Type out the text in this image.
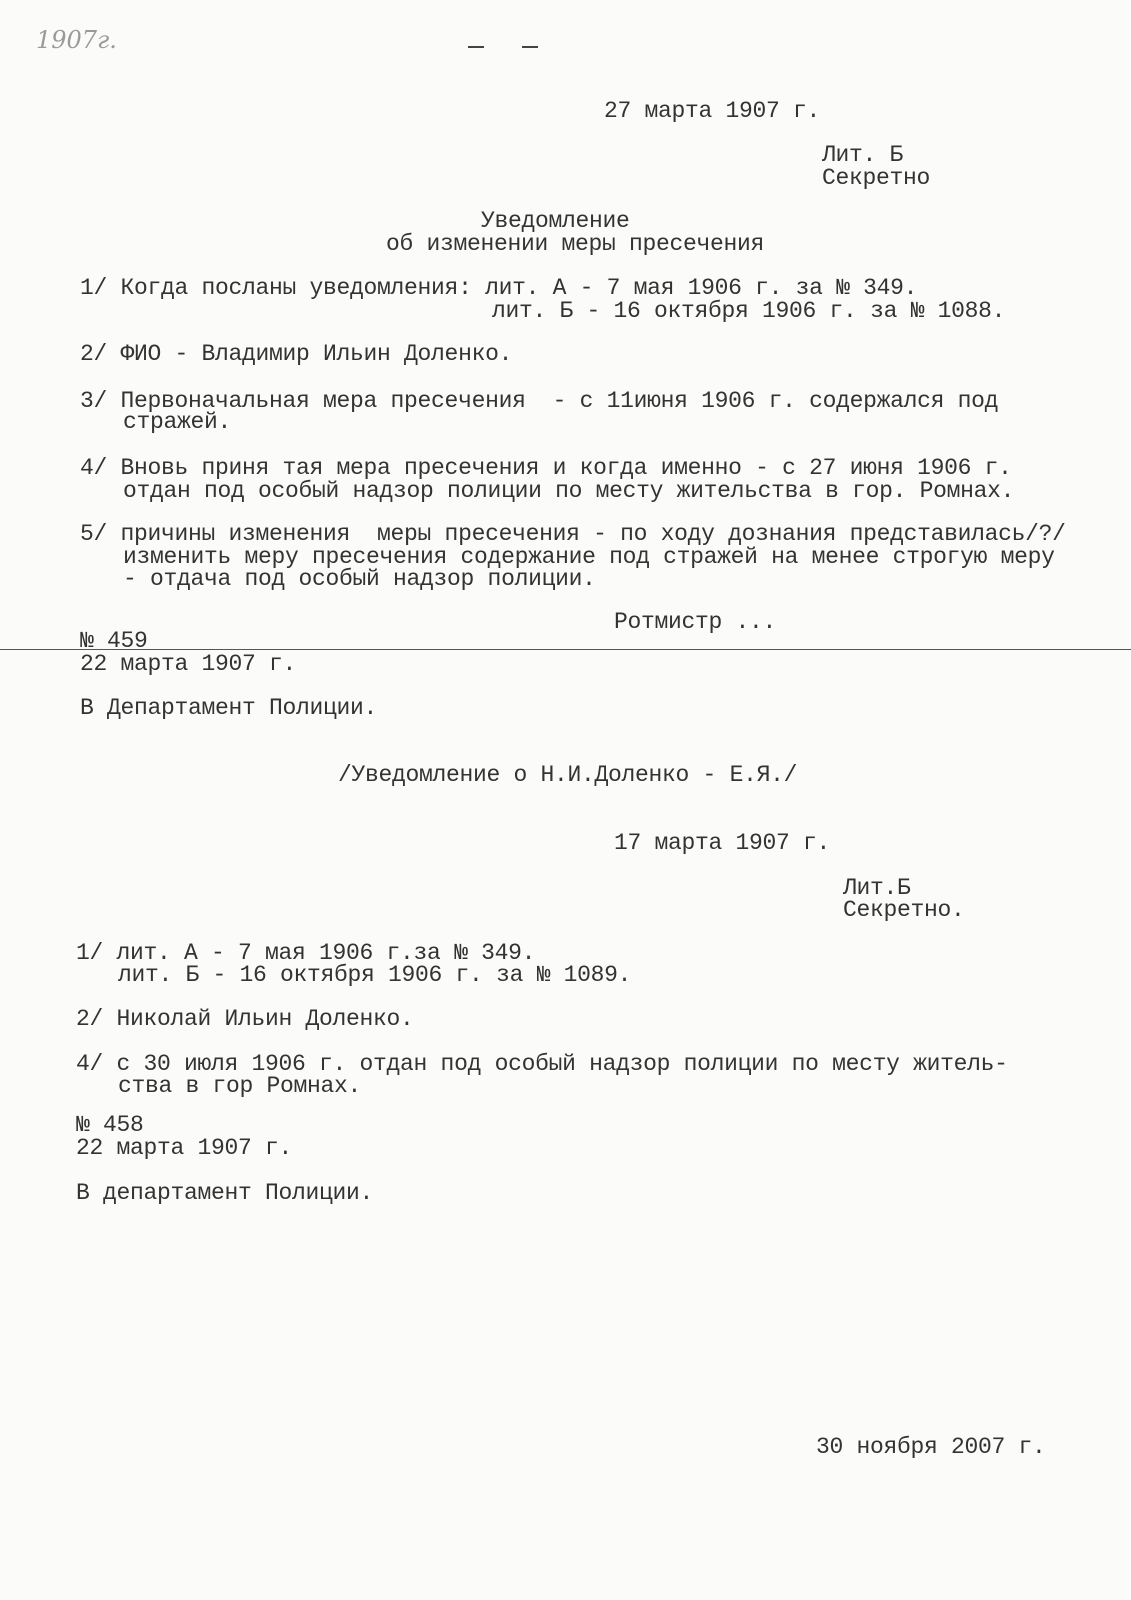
1907г.
27 марта 1907 г.
Лит. Б
Секретно
Уведомление
об изменении меры пресечения
1/ Когда посланы уведомления: лит. А - 7 мая 1906 г. за № 349.
лит. Б - 16 октября 1906 г. за № 1088.
2/ ФИО - Владимир Ильин Доленко.
3/ Первоначальная мера пресечения  - с 11июня 1906 г. содержался под
стражей.
4/ Вновь приня тая мера пресечения и когда именно - с 27 июня 1906 г.
отдан под особый надзор полиции по месту жительства в гор. Ромнах.
5/ причины изменения  меры пресечения - по ходу дознания представилась/?/
изменить меру пресечения содержание под стражей на менее строгую меру
- отдача под особый надзор полиции.
Ротмистр ...
№ 459
22 марта 1907 г.
В Департамент Полиции.
/Уведомление о Н.И.Доленко - Е.Я./
17 марта 1907 г.
Лит.Б
Секретно.
1/ лит. А - 7 мая 1906 г.за № 349.
лит. Б - 16 октября 1906 г. за № 1089.
2/ Николай Ильин Доленко.
4/ с 30 июля 1906 г. отдан под особый надзор полиции по месту житель-
ства в гор Ромнах.
№ 458
22 марта 1907 г.
В департамент Полиции.
30 ноября 2007 г.
